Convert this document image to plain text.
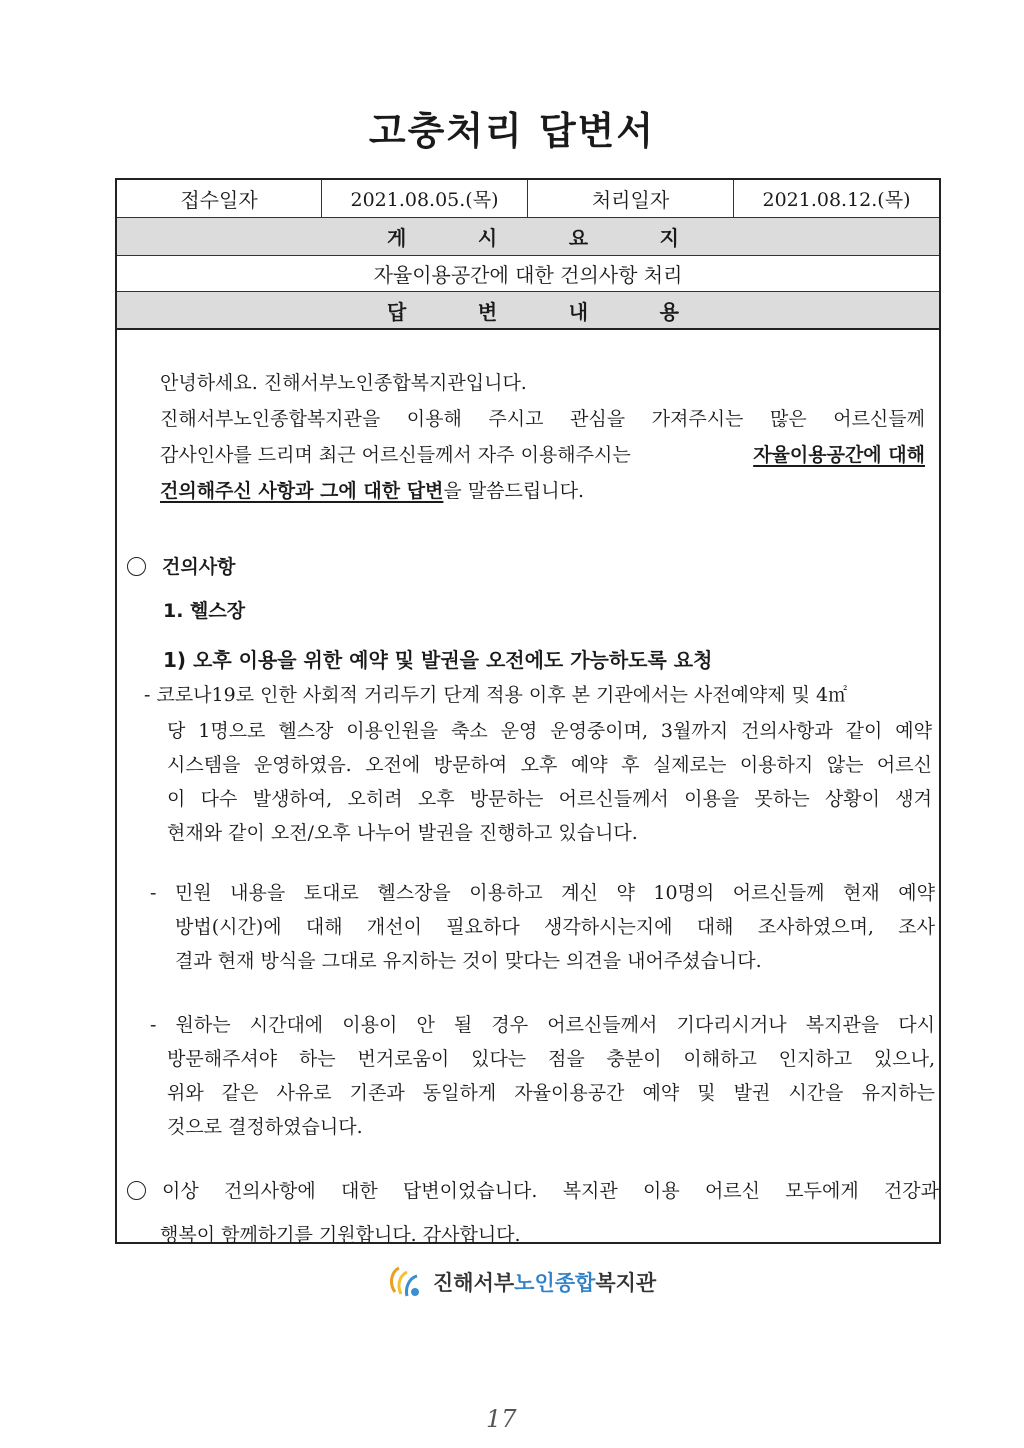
고충처리 답변서
접수일자	2021.08.05.(목)	처리일자	2021.08.12.(목)
게	시	요	지
자율이용공간에 대한 건의사항 처리
답	변	내	용
안녕하세요. 진해서부노인종합복지관입니다.
진해서부노인종합복지관을 이용해 주시고 관심을 가져주시는 많은 어르신들께
감사인사를 드리며 최근 어르신들께서 자주 이용해주시는	자율이용공간에 대해
건의해주신 사항과 그에 대한 답변을 말씀드립니다.
건의사항
1. 헬스장
1) 오후 이용을 위한 예약 및 발권을 오전에도 가능하도록 요청
- 코로나19로 인한 사회적 거리두기 단계 적용 이후 본 기관에서는 사전예약제 및 4㎡
당 1명으로 헬스장 이용인원을 축소 운영 운영중이며, 3월까지 건의사항과 같이 예약
시스템을 운영하였음. 오전에 방문하여 오후 예약 후 실제로는 이용하지 않는 어르신
이 다수 발생하여, 오히려 오후 방문하는 어르신들께서 이용을 못하는 상황이 생겨
현재와 같이 오전/오후 나누어 발권을 진행하고 있습니다.
- 민원 내용을 토대로 헬스장을 이용하고 계신 약 10명의 어르신들께 현재 예약
방법(시간)에 대해 개선이 필요하다 생각하시는지에 대해 조사하였으며, 조사
결과 현재 방식을 그대로 유지하는 것이 맞다는 의견을 내어주셨습니다.
- 원하는 시간대에 이용이 안 될 경우 어르신들께서 기다리시거나 복지관을 다시
방문해주셔야 하는 번거로움이 있다는 점을 충분이 이해하고 인지하고 있으나,
위와 같은 사유로 기존과 동일하게 자율이용공간 예약 및 발권 시간을 유지하는
것으로 결정하였습니다.
이상 건의사항에 대한 답변이었습니다. 복지관 이용 어르신 모두에게 건강과
행복이 함께하기를 기원합니다. 감사합니다.
진해서부노인종합복지관
17
